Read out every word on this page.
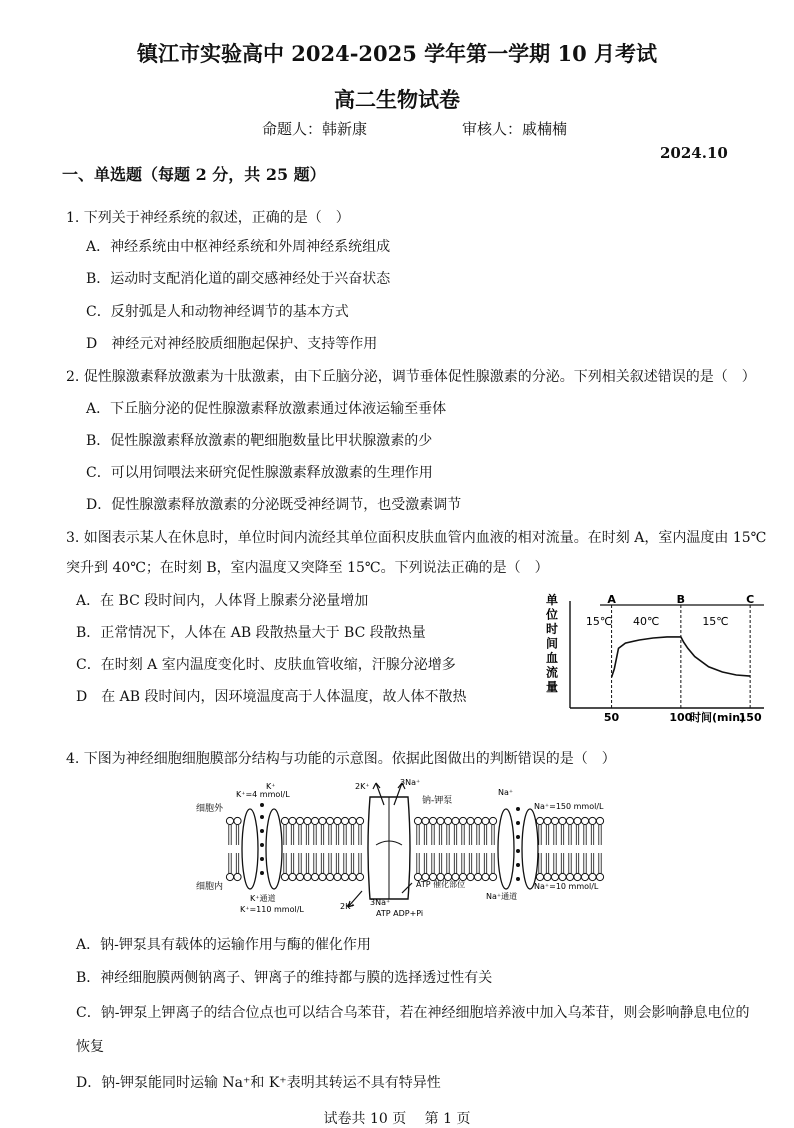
镇江市实验高中 2024-2025 学年第一学期 10 月考试
高二生物试卷
命题人：韩新康	审核人：戚楠楠
2024.10
一、单选题（每题 2 分，共 25 题）
1. 下列关于神经系统的叙述，正确的是（　）
A．神经系统由中枢神经系统和外周神经系统组成
B．运动时支配消化道的副交感神经处于兴奋状态
C．反射弧是人和动物神经调节的基本方式
D　神经元对神经胶质细胞起保护、支持等作用
2. 促性腺激素释放激素为十肽激素，由下丘脑分泌，调节垂体促性腺激素的分泌。下列相关叙述错误的是（　）
A．下丘脑分泌的促性腺激素释放激素通过体液运输至垂体
B．促性腺激素释放激素的靶细胞数量比甲状腺激素的少
C．可以用饲喂法来研究促性腺激素释放激素的生理作用
D．促性腺激素释放激素的分泌既受神经调节，也受激素调节
3. 如图表示某人在休息时，单位时间内流经其单位面积皮肤血管内血液的相对流量。在时刻 A，室内温度由 15℃
突升到 40℃；在时刻 B，室内温度又突降至 15℃。下列说法正确的是（　）
A．在 BC 段时间内，人体肾上腺素分泌量增加
B．正常情况下，人体在 AB 段散热量大于 BC 段散热量
C．在时刻 A 室内温度变化时、皮肤血管收缩，汗腺分泌增多
D　在 AB 段时间内，因环境温度高于人体温度，故人体不散热
单
位
时
间
血
流
量
时间(min)
A	B	C
15℃ 40℃	15℃
50	100	150
4. 下图为神经细胞细胞膜部分结构与功能的示意图。依据此图做出的判断错误的是（　）
细胞外
细胞内
K⁺=4 mmol/L
K⁺通道
K⁺=110 mmol/L
2K⁺	3Na⁺
钠-钾泵
ATP 催化部位
2K⁺ 3Na⁺
ATP ADP+Pi
Na⁺
K⁺
Na⁺=150 mmol/L
Na⁺通道
Na⁺=10 mmol/L
A．钠-钾泵具有载体的运输作用与酶的催化作用
B．神经细胞膜两侧钠离子、钾离子的维持都与膜的选择透过性有关
C．钠-钾泵上钾离子的结合位点也可以结合乌苯苷，若在神经细胞培养液中加入乌苯苷，则会影响静息电位的
恢复
D．钠-钾泵能同时运输 Na⁺和 K⁺表明其转运不具有特异性
试卷共 10 页　 第 1 页
